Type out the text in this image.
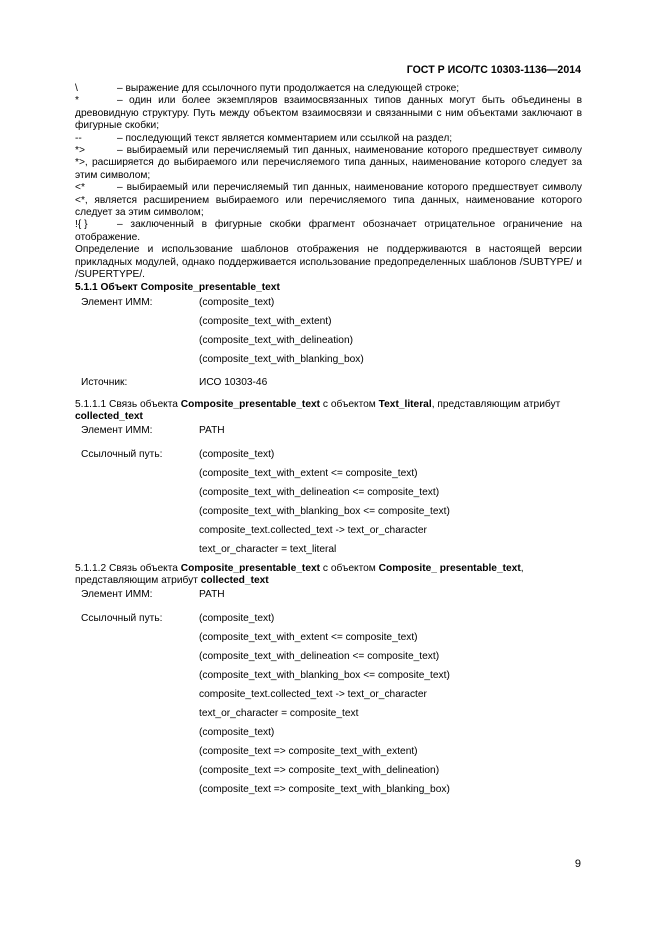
ГОСТ Р ИСО/ТС 10303-1136—2014
\	– выражение для ссылочного пути продолжается на следующей строке;
*	– один или более экземпляров взаимосвязанных типов данных могут быть объединены в древовидную структуру. Путь между объектом взаимосвязи и связанными с ним объектами заключают в фигурные скобки;
--	– последующий текст является комментарием или ссылкой на раздел;
*>	– выбираемый или перечисляемый тип данных, наименование которого предшествует символу *>, расширяется до выбираемого или перечисляемого типа данных, наименование которого следует за этим символом;
<*	– выбираемый или перечисляемый тип данных, наименование которого предшествует символу <*, является расширением выбираемого или перечисляемого типа данных, наименование которого следует за этим символом;
!{ }	– заключенный в фигурные скобки фрагмент обозначает отрицательное ограничение на отображение.

Определение и использование шаблонов отображения не поддерживаются в настоящей версии прикладных модулей, однако поддерживается использование предопределенных шаблонов /SUBTYPE/ и /SUPERTYPE/.

5.1.1 Объект Composite_presentable_text

Элемент ИММ:	(composite_text)
(composite_text_with_extent)
(composite_text_with_delineation)
(composite_text_with_blanking_box)
Источник:	ИСО 10303-46

5.1.1.1 Связь объекта Composite_presentable_text с объектом Text_literal, представляющим атрибут collected_text

Элемент ИММ:	PATH
Ссылочный путь:	(composite_text)
(composite_text_with_extent <= composite_text)
(composite_text_with_delineation <= composite_text)
(composite_text_with_blanking_box <= composite_text)
composite_text.collected_text -> text_or_character
text_or_character = text_literal

5.1.1.2 Связь объекта Composite_presentable_text с объектом Composite_ presentable_text, представляющим атрибут collected_text

Элемент ИММ:	PATH
Ссылочный путь:	(composite_text)
(composite_text_with_extent <= composite_text)
(composite_text_with_delineation <= composite_text)
(composite_text_with_blanking_box <= composite_text)
composite_text.collected_text -> text_or_character
text_or_character = composite_text
(composite_text)
(composite_text => composite_text_with_extent)
(composite_text => composite_text_with_delineation)
(composite_text => composite_text_with_blanking_box)
9
